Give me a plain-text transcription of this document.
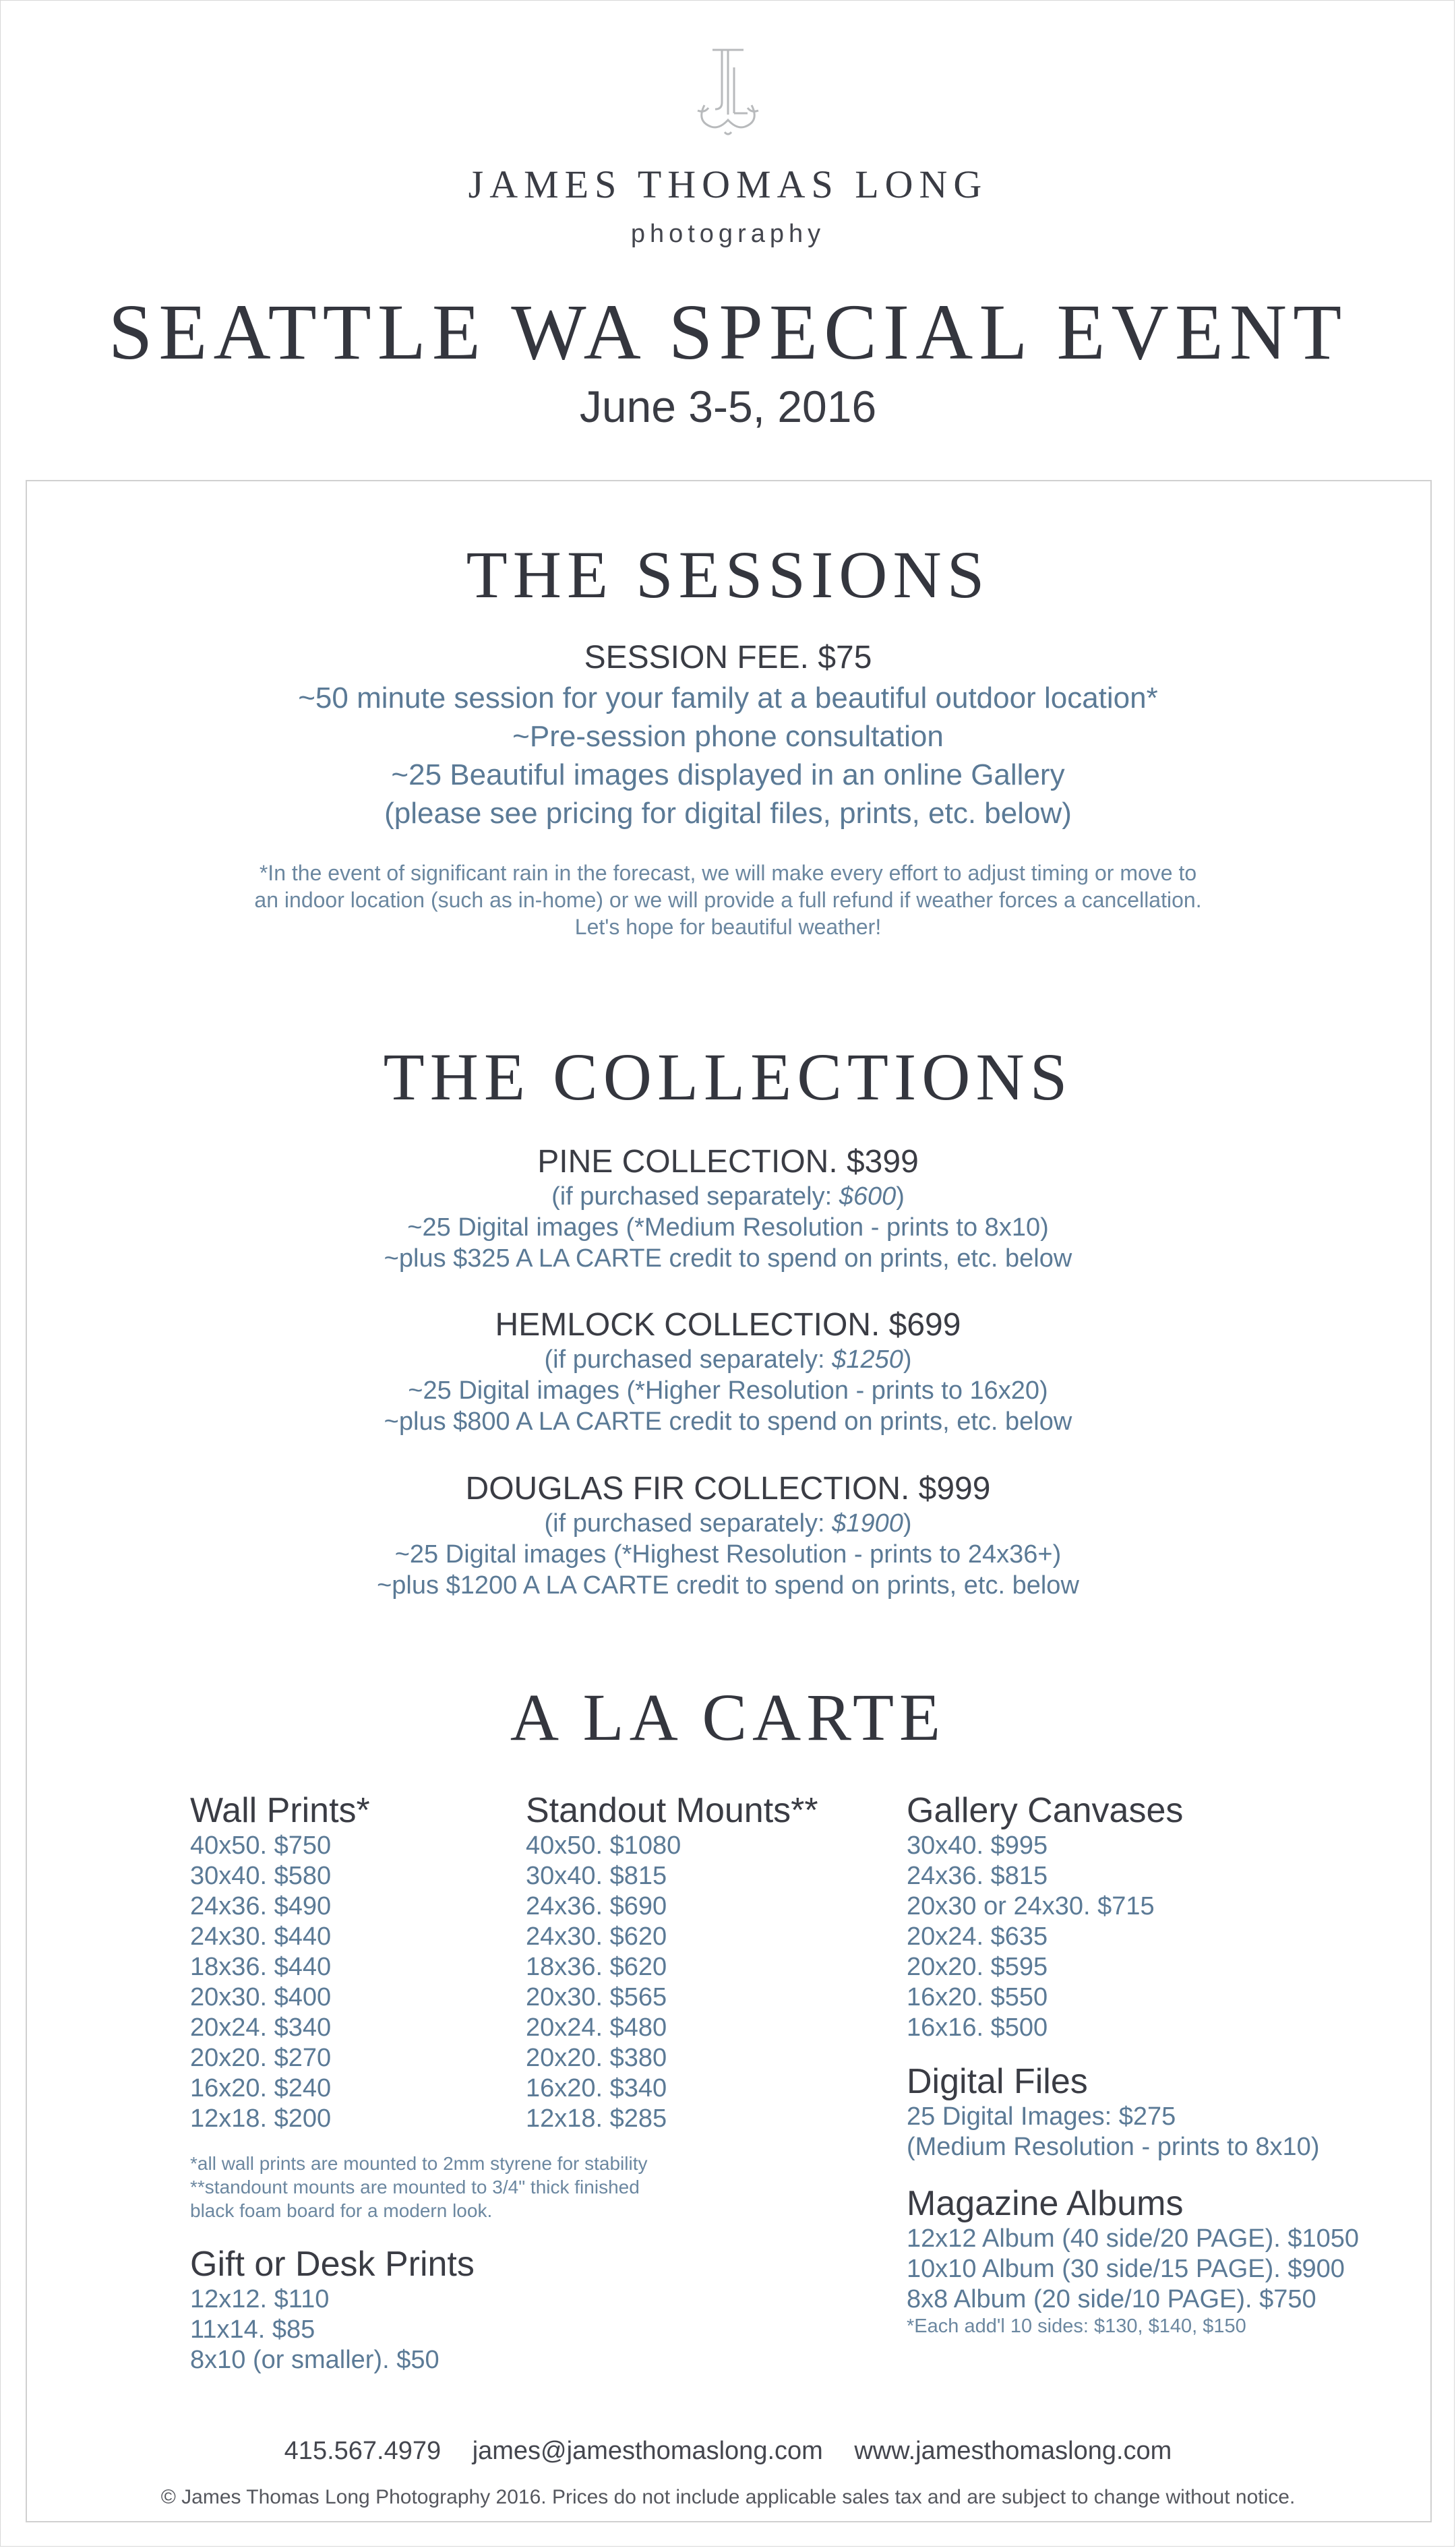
JAMES THOMAS LONG
photography
SEATTLE WA SPECIAL EVENT
June 3-5, 2016
THE SESSIONS
SESSION FEE. $75
~50 minute session for your family at a beautiful outdoor location*
~Pre-session phone consultation
~25 Beautiful images displayed in an online Gallery
(please see pricing for digital files, prints, etc. below)
*In the event of significant rain in the forecast, we will make every effort to adjust timing or move to
an indoor location (such as in-home) or we will provide a full refund if weather forces a cancellation.
Let's hope for beautiful weather!
THE COLLECTIONS
PINE COLLECTION. $399
(if purchased separately: $600)
~25 Digital images (*Medium Resolution - prints to 8x10)
~plus $325 A LA CARTE credit to spend on prints, etc. below
HEMLOCK COLLECTION. $699
(if purchased separately: $1250)
~25 Digital images (*Higher Resolution - prints to 16x20)
~plus $800 A LA CARTE credit to spend on prints, etc. below
DOUGLAS FIR COLLECTION. $999
(if purchased separately: $1900)
~25 Digital images (*Highest Resolution - prints to 24x36+)
~plus $1200 A LA CARTE credit to spend on prints, etc. below
A LA CARTE
Wall Prints*
40x50. $750
30x40. $580
24x36. $490
24x30. $440
18x36. $440
20x30. $400
20x24. $340
20x20. $270
16x20. $240
12x18. $200
*all wall prints are mounted to 2mm styrene for stability
**standount mounts are mounted to 3/4" thick finished
black foam board for a modern look.
Gift or Desk Prints
12x12. $110
11x14. $85
8x10 (or smaller). $50
Standout Mounts**
40x50. $1080
30x40. $815
24x36. $690
24x30. $620
18x36. $620
20x30. $565
20x24. $480
20x20. $380
16x20. $340
12x18. $285
Gallery Canvases
30x40. $995
24x36. $815
20x30 or 24x30. $715
20x24. $635
20x20. $595
16x20. $550
16x16. $500
Digital Files
25 Digital Images: $275
(Medium Resolution - prints to 8x10)
Magazine Albums
12x12 Album (40 side/20 PAGE). $1050
10x10 Album (30 side/15 PAGE). $900
8x8 Album (20 side/10 PAGE). $750
*Each add'l 10 sides: $130, $140, $150
415.567.4979 james@jamesthomaslong.com www.jamesthomaslong.com
© James Thomas Long Photography 2016. Prices do not include applicable sales tax and are subject to change without notice.
